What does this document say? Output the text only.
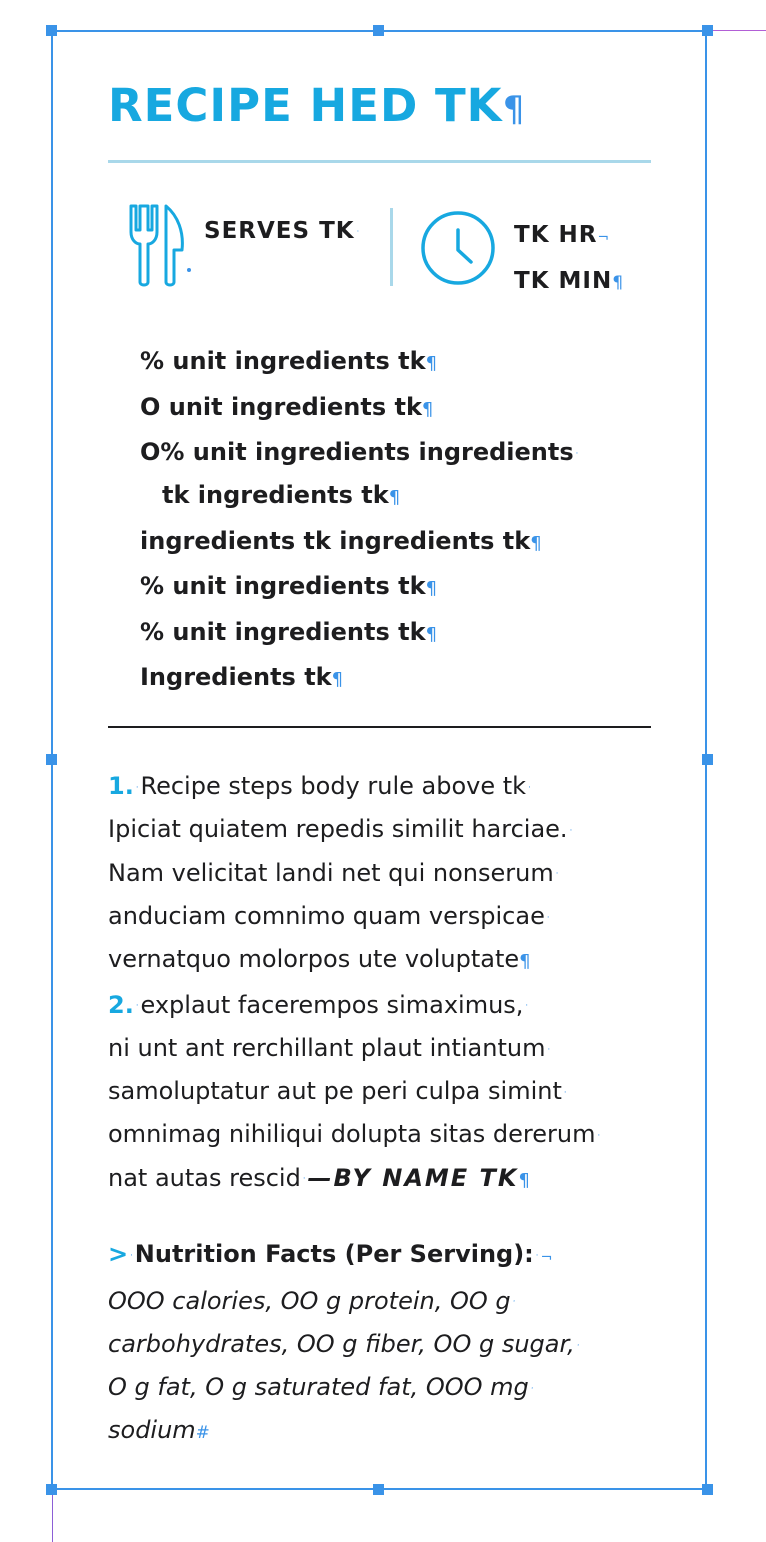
RECIPE HED TK¶
SERVES TK ·	TK HR¬
TK MIN¶
% unit ingredients tk¶
O unit ingredients tk¶
O% unit ingredients ingredients ·
tk ingredients tk¶
ingredients tk ingredients tk¶
% unit ingredients tk¶
% unit ingredients tk¶
Ingredients tk¶
1. ·Recipe steps body rule above tk ·
Ipiciat quiatem repedis similit harciae. ·
Nam velicitat landi net qui nonserum ·
anduciam comnimo quam verspicae ·
vernatquo molorpos ute voluptate¶
2. ·explaut facerempos simaximus, ·
ni unt ant rerchillant plaut intiantum ·
samoluptatur aut pe peri culpa simint ·
omnimag nihiliqui dolupta sitas dererum ·
nat autas rescid ·—BY NAME TK¶
> ·Nutrition Facts (Per Serving): · ¬
OOO calories, OO g protein, OO g ·
carbohydrates, OO g fiber, OO g sugar, ·
O g fat, O g saturated fat, OOO mg ·
sodium#
